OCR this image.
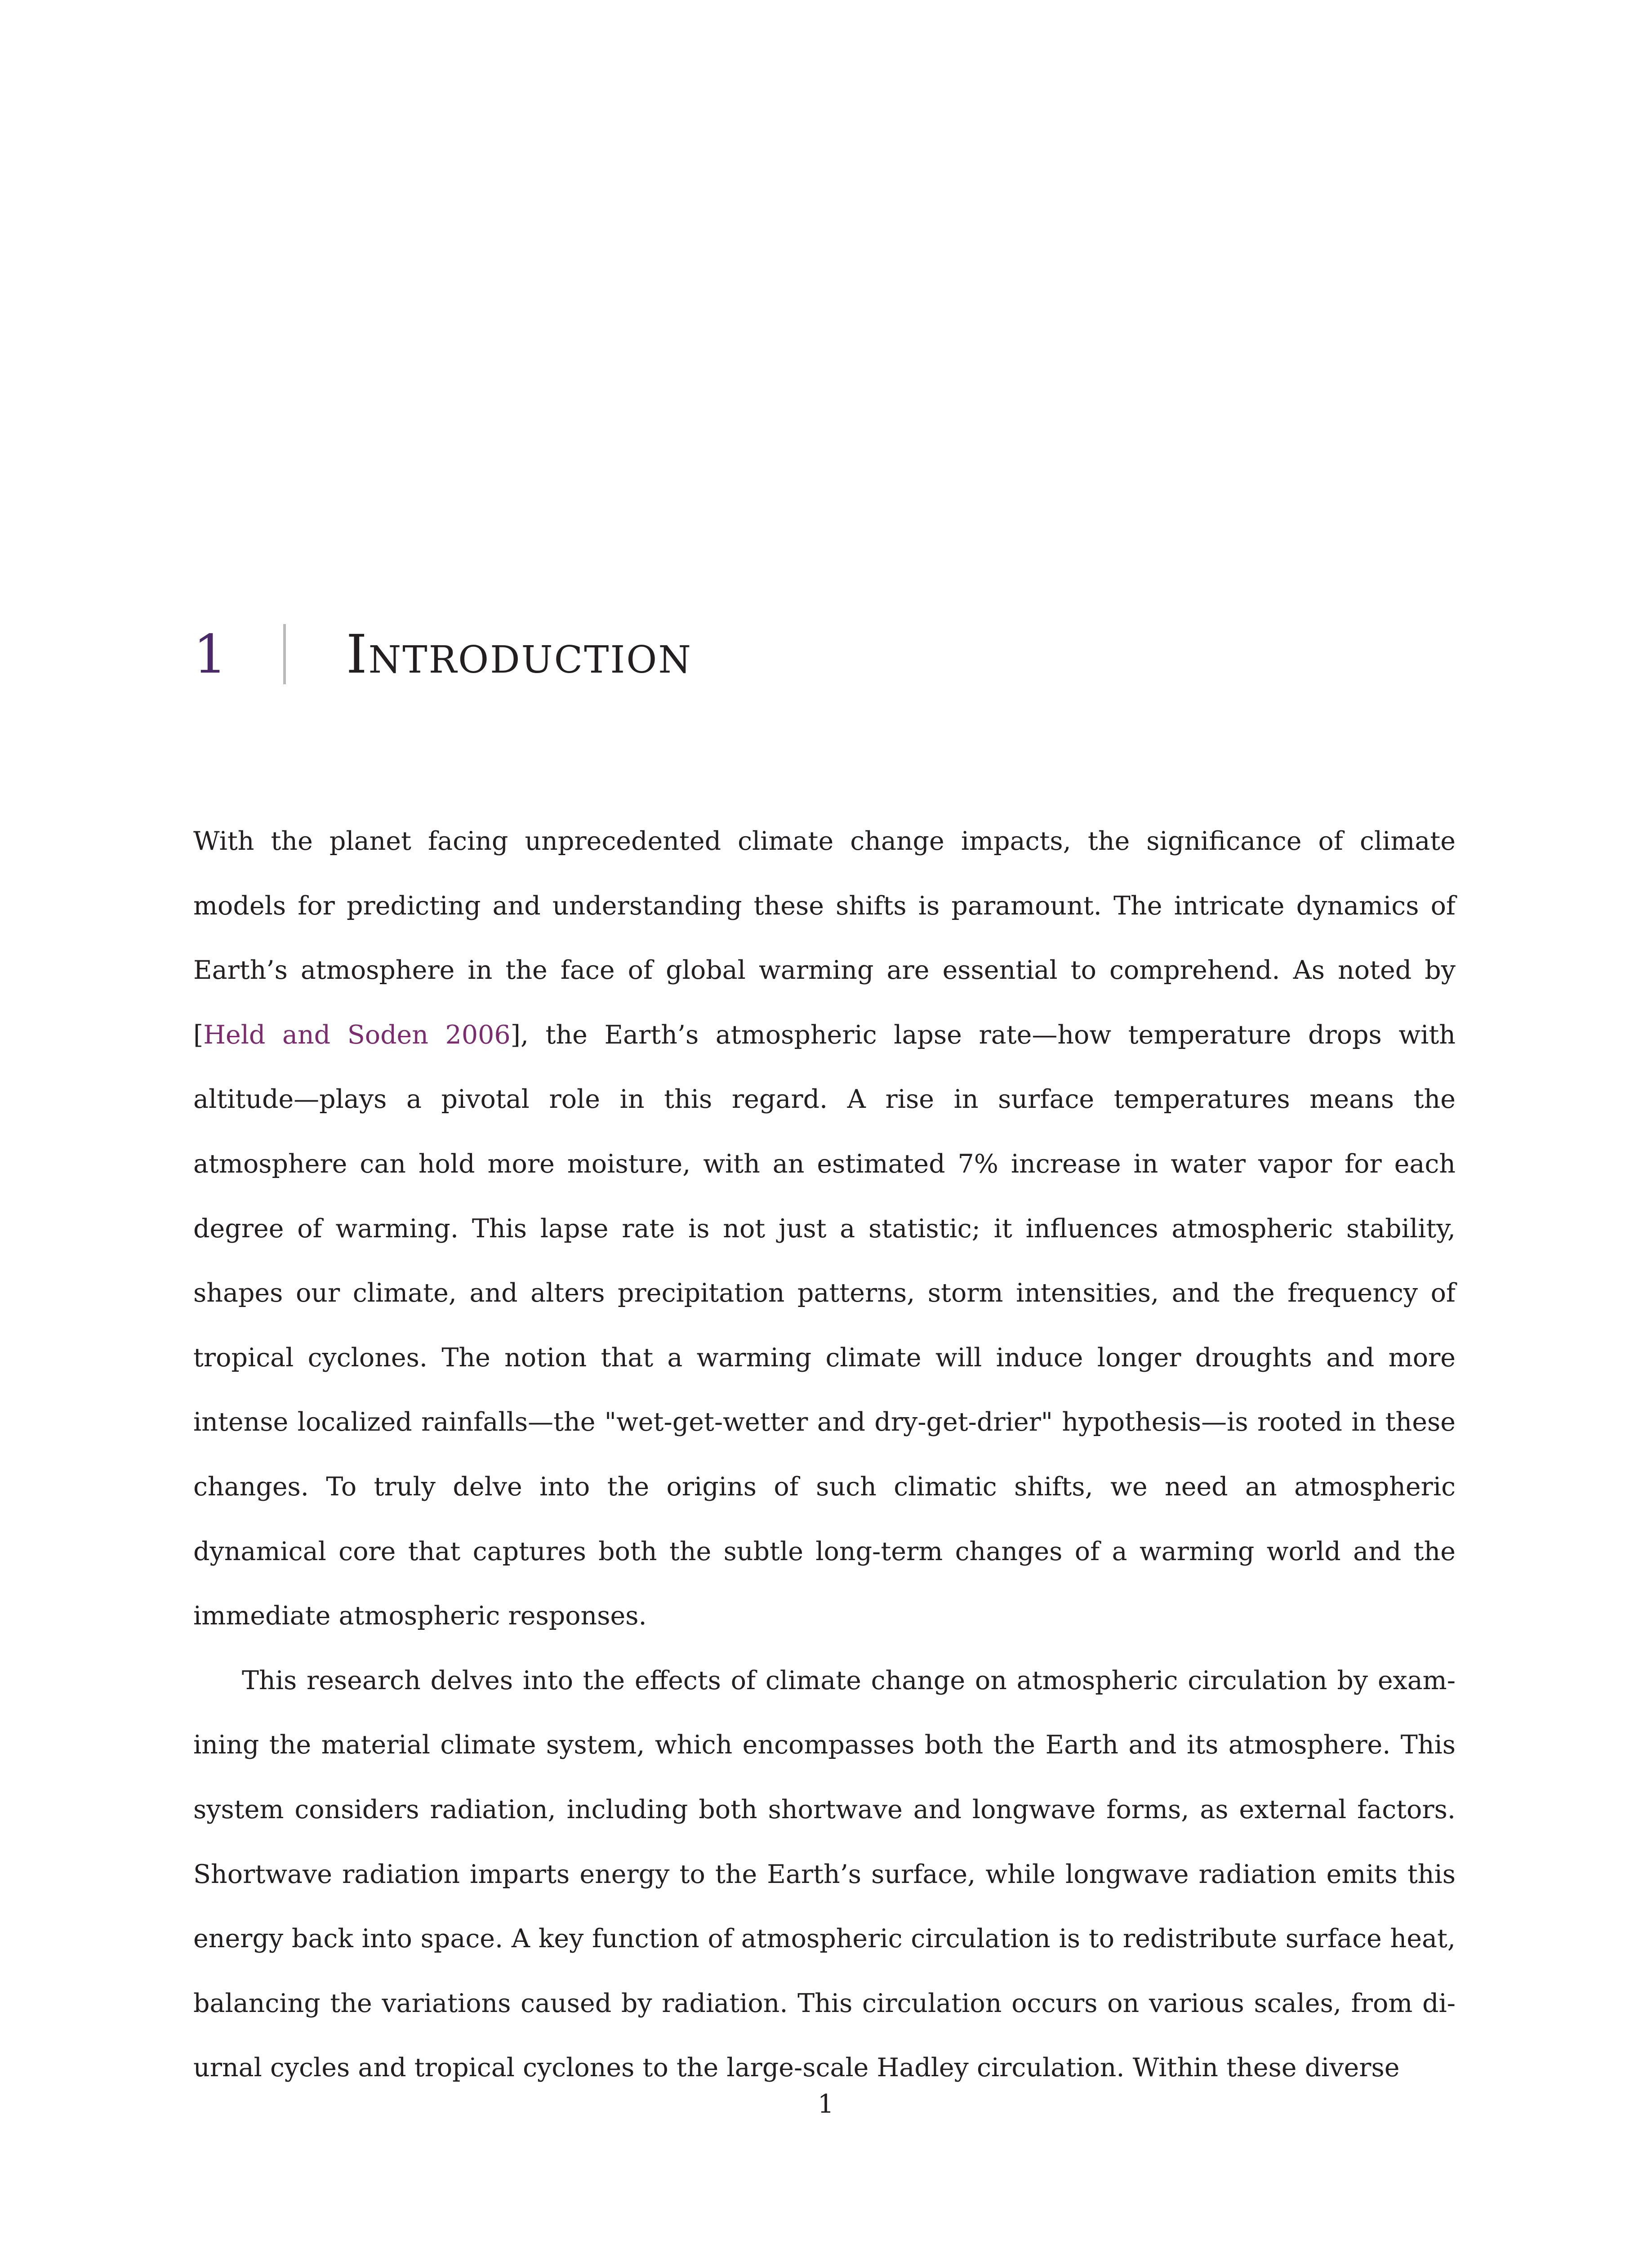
1 Introduction

With the planet facing unprecedented climate change impacts, the significance of climate models for predicting and understanding these shifts is paramount. The intricate dynamics of Earth’s atmosphere in the face of global warming are essential to comprehend. As noted by [Held and Soden 2006], the Earth’s atmospheric lapse rate—how temperature drops with altitude—plays a pivotal role in this regard. A rise in surface temperatures means the atmosphere can hold more moisture, with an estimated 7% increase in water vapor for each degree of warming. This lapse rate is not just a statistic; it influences atmospheric stability, shapes our climate, and alters precipitation patterns, storm intensities, and the frequency of tropical cyclones. The notion that a warming climate will induce longer droughts and more intense localized rainfalls—the "wet-get-wetter and dry-get-drier" hypothesis—is rooted in these changes. To truly delve into the origins of such climatic shifts, we need an atmospheric dynamical core that captures both the subtle long-term changes of a warming world and the immediate atmospheric responses.

This research delves into the effects of climate change on atmospheric circulation by examining the material climate system, which encompasses both the Earth and its atmosphere. This system considers radiation, including both shortwave and longwave forms, as external factors. Shortwave radiation imparts energy to the Earth’s surface, while longwave radiation emits this energy back into space. A key function of atmospheric circulation is to redistribute surface heat, balancing the variations caused by radiation. This circulation occurs on various scales, from diurnal cycles and tropical cyclones to the large-scale Hadley circulation. Within these diverse

1
